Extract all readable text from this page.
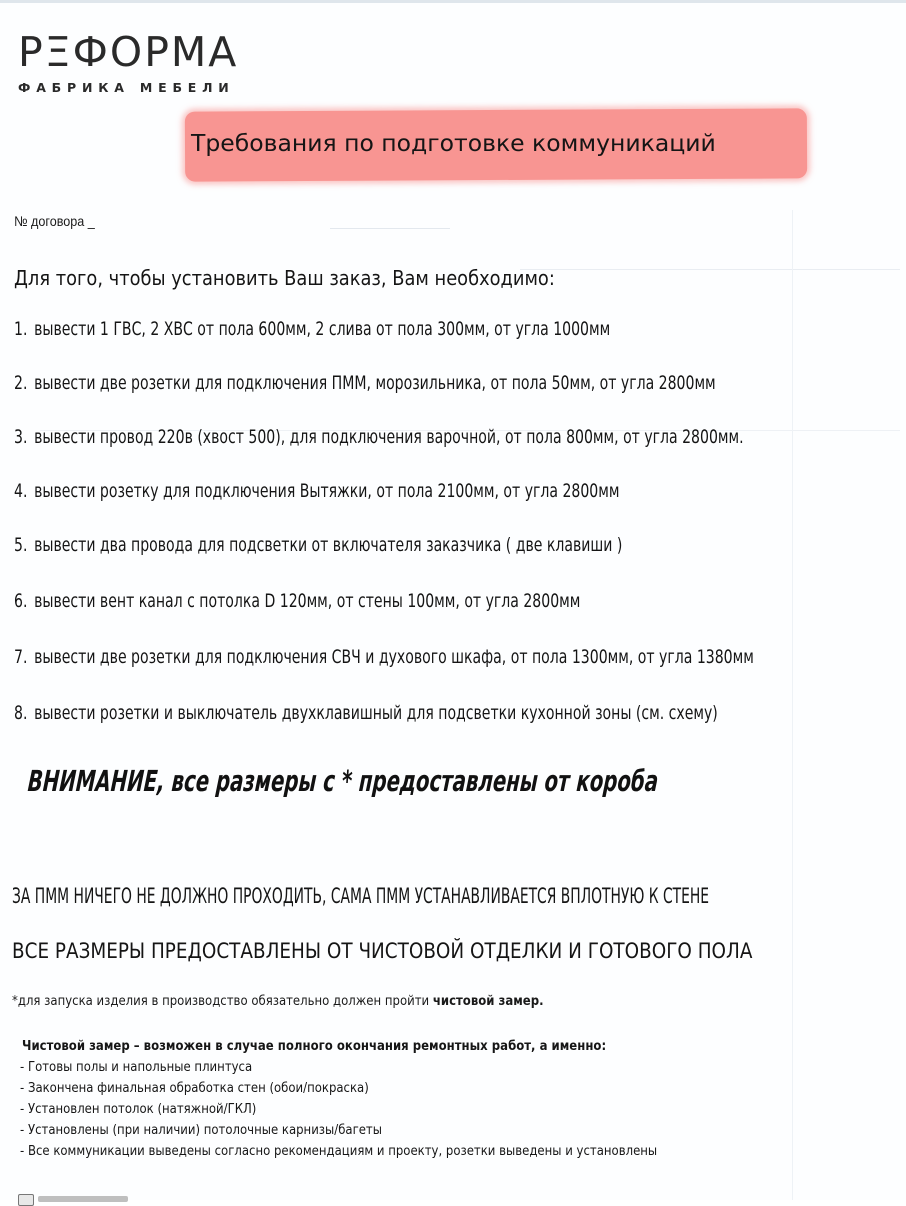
РΞФОРМА
ФАБРИКА МЕБЕЛИ
Требования по подготовке коммуникаций
№ договора _
Для того, чтобы установить Ваш заказ, Вам необходимо:
1. вывести 1 ГВС, 2 ХВС от пола 600мм, 2 слива от пола 300мм, от угла 1000мм
2. вывести две розетки для подключения ПММ, морозильника, от пола 50мм, от угла 2800мм
3. вывести провод 220в (хвост 500), для подключения варочной, от пола 800мм, от угла 2800мм.
4. вывести розетку для подключения Вытяжки, от пола 2100мм, от угла 2800мм
5. вывести два провода для подсветки от включателя заказчика ( две клавиши )
6. вывести вент канал с потолка D 120мм, от стены 100мм, от угла 2800мм
7. вывести две розетки для подключения СВЧ и духового шкафа, от пола 1300мм, от угла 1380мм
8. вывести розетки и выключатель двухклавишный для подсветки кухонной зоны (см. схему)
ВНИМАНИЕ, все размеры с * предоставлены от короба
ЗА ПММ НИЧЕГО НЕ ДОЛЖНО ПРОХОДИТЬ, САМА ПММ УСТАНАВЛИВАЕТСЯ ВПЛОТНУЮ К СТЕНЕ
ВСЕ РАЗМЕРЫ ПРЕДОСТАВЛЕНЫ ОТ ЧИСТОВОЙ ОТДЕЛКИ И ГОТОВОГО ПОЛА
*для запуска изделия в производство обязательно должен пройти чистовой замер.
Чистовой замер – возможен в случае полного окончания ремонтных работ, а именно:
- Готовы полы и напольные плинтуса
- Закончена финальная обработка стен (обои/покраска)
- Установлен потолок (натяжной/ГКЛ)
- Установлены (при наличии) потолочные карнизы/багеты
- Все коммуникации выведены согласно рекомендациям и проекту, розетки выведены и установлены
